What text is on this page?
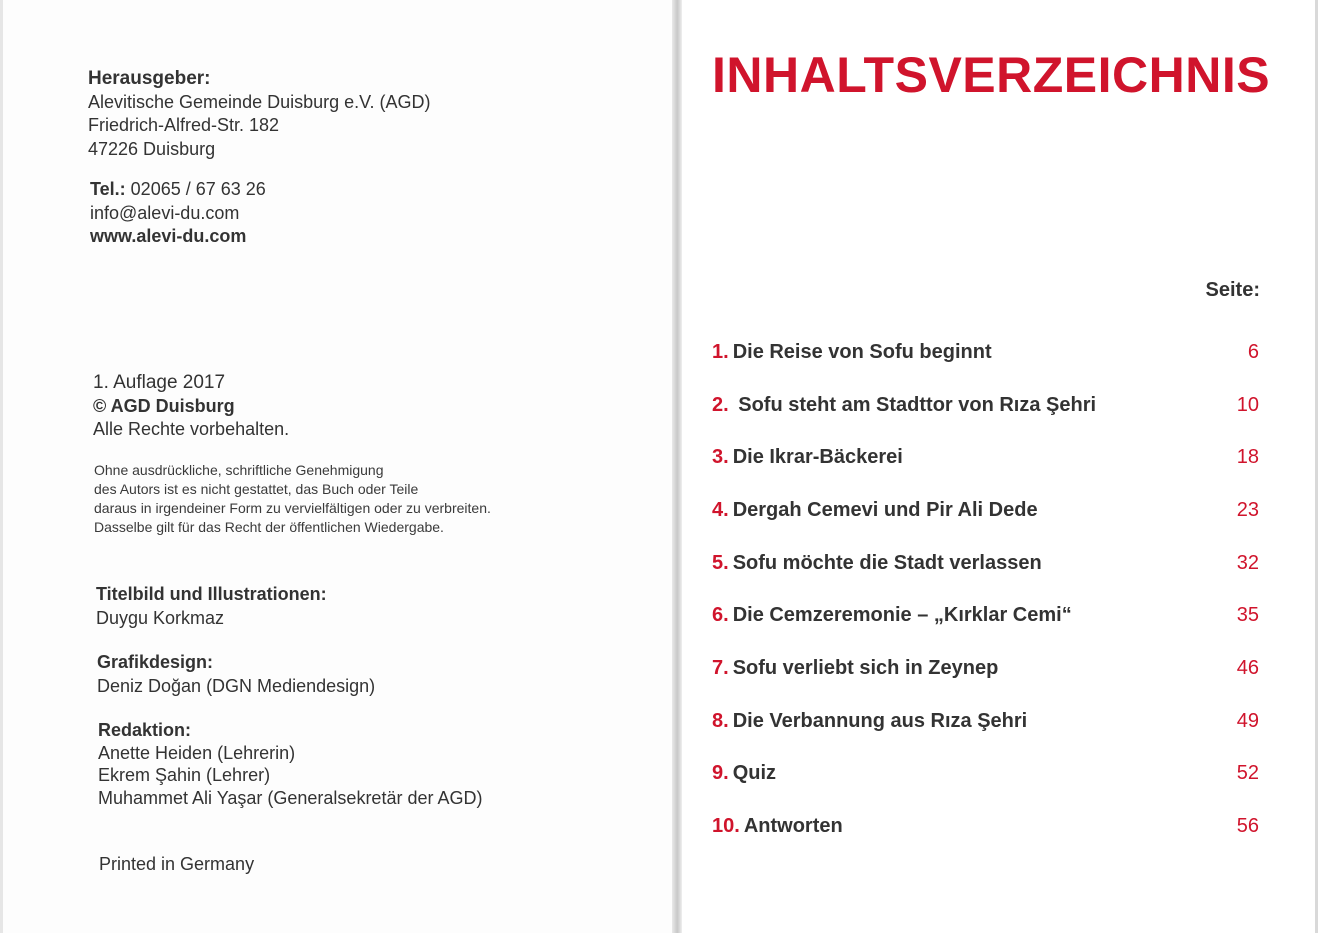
Herausgeber:
Alevitische Gemeinde Duisburg e.V. (AGD)
Friedrich-Alfred-Str. 182
47226 Duisburg
Tel.: 02065 / 67 63 26
info@alevi-du.com
www.alevi-du.com
1. Auflage 2017
© AGD Duisburg
Alle Rechte vorbehalten.
Ohne ausdrückliche, schriftliche Genehmigung
des Autors ist es nicht gestattet, das Buch oder Teile
daraus in irgendeiner Form zu vervielfältigen oder zu verbreiten.
Dasselbe gilt für das Recht der öffentlichen Wiedergabe.
Titelbild und Illustrationen:
Duygu Korkmaz
Grafikdesign:
Deniz Doğan (DGN Mediendesign)
Redaktion:
Anette Heiden (Lehrerin)
Ekrem Şahin (Lehrer)
Muhammet Ali Yaşar (Generalsekretär der AGD)
Printed in Germany
INHALTSVERZEICHNIS
Seite:
1. Die Reise von Sofu beginnt	6
2. Sofu steht am Stadttor von Rıza Şehri	10
3. Die Ikrar-Bäckerei	18
4. Dergah Cemevi und Pir Ali Dede	23
5. Sofu möchte die Stadt verlassen	32
6. Die Cemzeremonie – „Kırklar Cemi“	35
7. Sofu verliebt sich in Zeynep	46
8. Die Verbannung aus Rıza Şehri	49
9. Quiz	52
10. Antworten	56
